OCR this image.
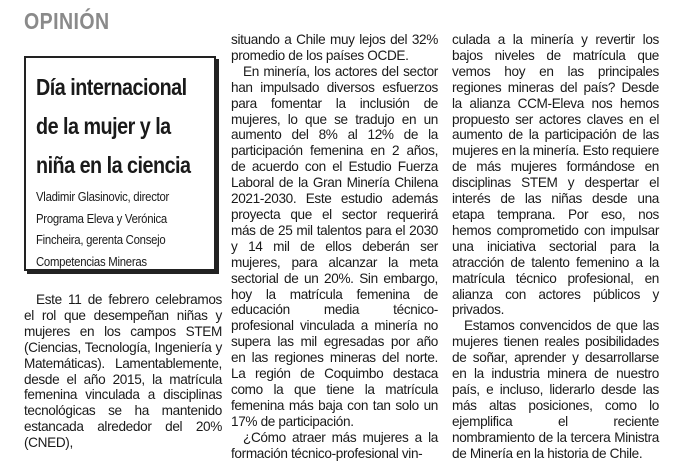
OPINIÓN
Día internacional de la mujer y la niña en la ciencia
Vladimir Glasinovic, director Programa Eleva y Verónica Fincheira, gerenta Consejo Competencias Mineras

Este 11 de febrero celebramos el rol que desempeñan niñas y mujeres en los campos STEM (Ciencias, Tecnología, Ingeniería y Matemáticas). Lamentablemente, desde el año 2015, la matrícula femenina vinculada a disciplinas tecnológicas se ha mantenido estancada alrededor del 20% (CNED),

situando a Chile muy lejos del 32% promedio de los países OCDE.

En minería, los actores del sector han impulsado diversos esfuerzos para fomentar la inclusión de mujeres, lo que se tradujo en un aumento del 8% al 12% de la participación femenina en 2 años, de acuerdo con el Estudio Fuerza Laboral de la Gran Minería Chilena 2021-2030. Este estudio además proyecta que el sector requerirá más de 25 mil talentos para el 2030 y 14 mil de ellos deberán ser mujeres, para alcanzar la meta sectorial de un 20%. Sin embargo, hoy la matrícula femenina de educación media técnico-profesional vinculada a minería no supera las mil egresadas por año en las regiones mineras del norte. La región de Coquimbo destaca como la que tiene la matrícula femenina más baja con tan solo un 17% de participación.

¿Cómo atraer más mujeres a la formación técnico-profesional vin-

culada a la minería y revertir los bajos niveles de matrícula que vemos hoy en las principales regiones mineras del país? Desde la alianza CCM-Eleva nos hemos propuesto ser actores claves en el aumento de la participación de las mujeres en la minería. Esto requiere de más mujeres formándose en disciplinas STEM y despertar el interés de las niñas desde una etapa temprana. Por eso, nos hemos comprometido con impulsar una iniciativa sectorial para la atracción de talento femenino a la matrícula técnico profesional, en alianza con actores públicos y privados.

Estamos convencidos de que las mujeres tienen reales posibilidades de soñar, aprender y desarrollarse en la industria minera de nuestro país, e incluso, liderarlo desde las más altas posiciones, como lo ejemplifica el reciente nombramiento de la tercera Ministra de Minería en la historia de Chile.
